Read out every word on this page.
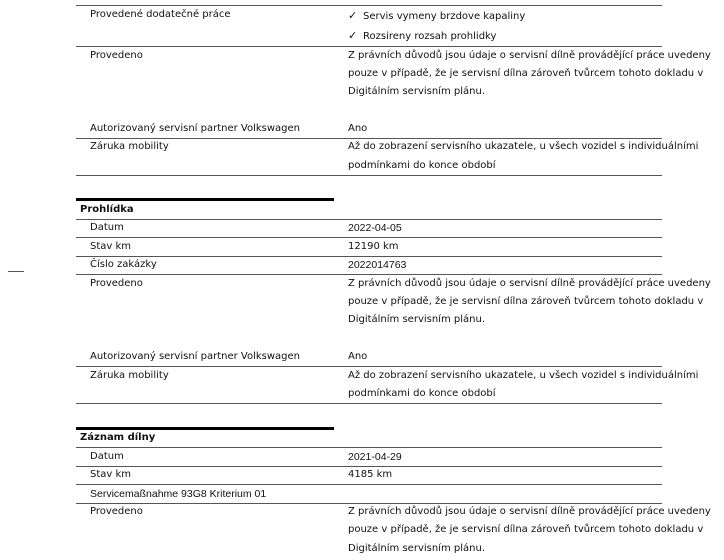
Provedené dodatečné práce	✓ Servis vymeny brzdove kapaliny
✓ Rozsireny rozsah prohlidky
Provedeno	Z právních důvodů jsou údaje o servisní dílně provádějící práce uvedeny
pouze v případě, že je servisní dílna zároveň tvůrcem tohoto dokladu v
Digitálním servisním plánu.
Autorizovaný servisní partner Volkswagen	Ano
Záruka mobility	Až do zobrazení servisního ukazatele, u všech vozidel s individuálními
podmínkami do konce období
Prohlídka
Datum	2022-04-05
Stav km	12190 km
Číslo zakázky	2022014763
Provedeno	Z právních důvodů jsou údaje o servisní dílně provádějící práce uvedeny
pouze v případě, že je servisní dílna zároveň tvůrcem tohoto dokladu v
Digitálním servisním plánu.
Autorizovaný servisní partner Volkswagen	Ano
Záruka mobility	Až do zobrazení servisního ukazatele, u všech vozidel s individuálními
podmínkami do konce období
Záznam dílny
Datum	2021-04-29
Stav km	4185 km
Servicemaßnahme 93G8 Kriterium 01
Provedeno	Z právních důvodů jsou údaje o servisní dílně provádějící práce uvedeny
pouze v případě, že je servisní dílna zároveň tvůrcem tohoto dokladu v
Digitálním servisním plánu.
